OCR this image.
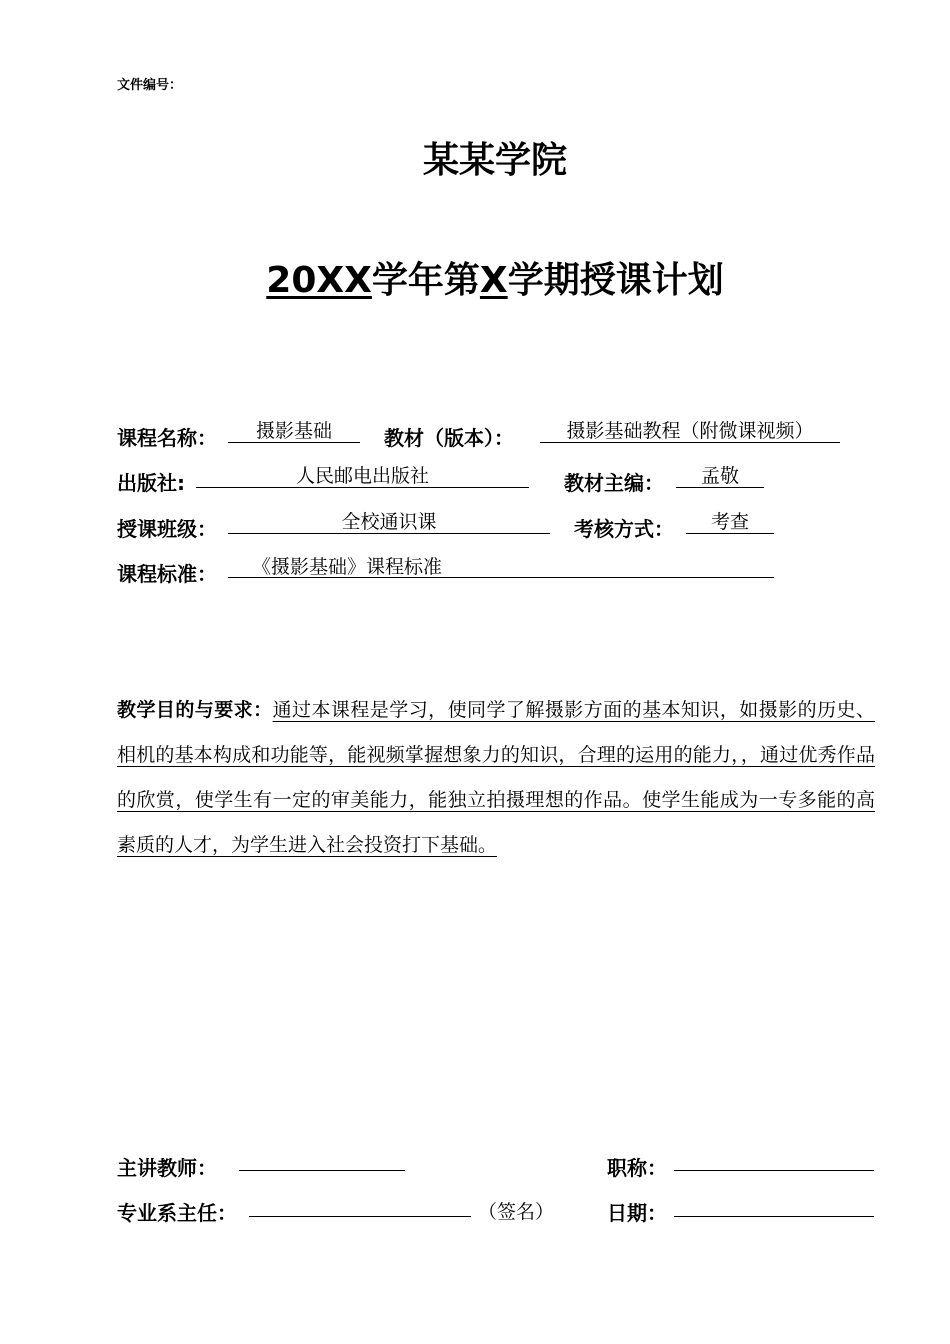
文件编号：
某某学院
20XX学年第X学期授课计划
课程名称：	摄影基础	教材（版本）：	摄影基础教程（附微课视频）
出版社:	人民邮电出版社	教材主编：	孟敬
授课班级：	全校通识课	考核方式：	考查
课程标准：	《摄影基础》课程标准
教学目的与要求：通过本课程是学习，使同学了解摄影方面的基本知识，如摄影的历史、相机的基本构成和功能等，能视频掌握想象力的知识，合理的运用的能力，，通过优秀作品的欣赏，使学生有一定的审美能力，能独立拍摄理想的作品。使学生能成为一专多能的高素质的人才，为学生进入社会投资打下基础。
主讲教师：	职称：
专业系主任：	（签名）	日期：
